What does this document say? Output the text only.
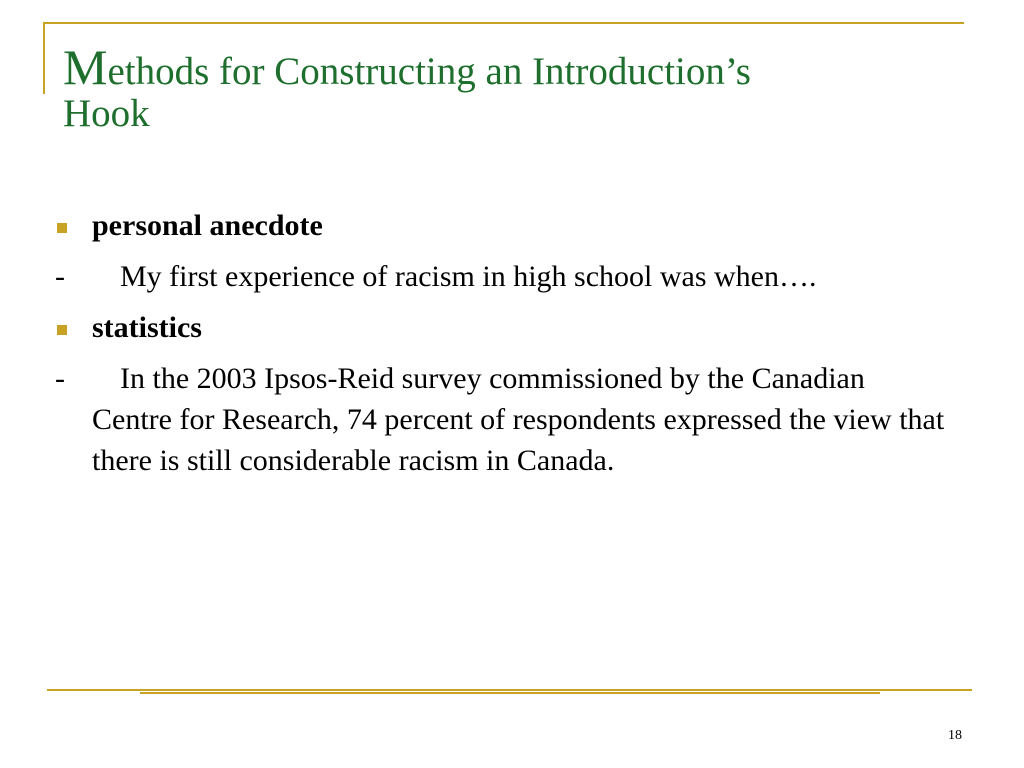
Methods for Constructing an Introduction’s
Hook
personal anecdote
-	My first experience of racism in high school was when….
statistics
-	In the 2003 Ipsos-Reid survey commissioned by the Canadian Centre for Research, 74 percent of respondents expressed the view that there is still considerable racism in Canada.
18
